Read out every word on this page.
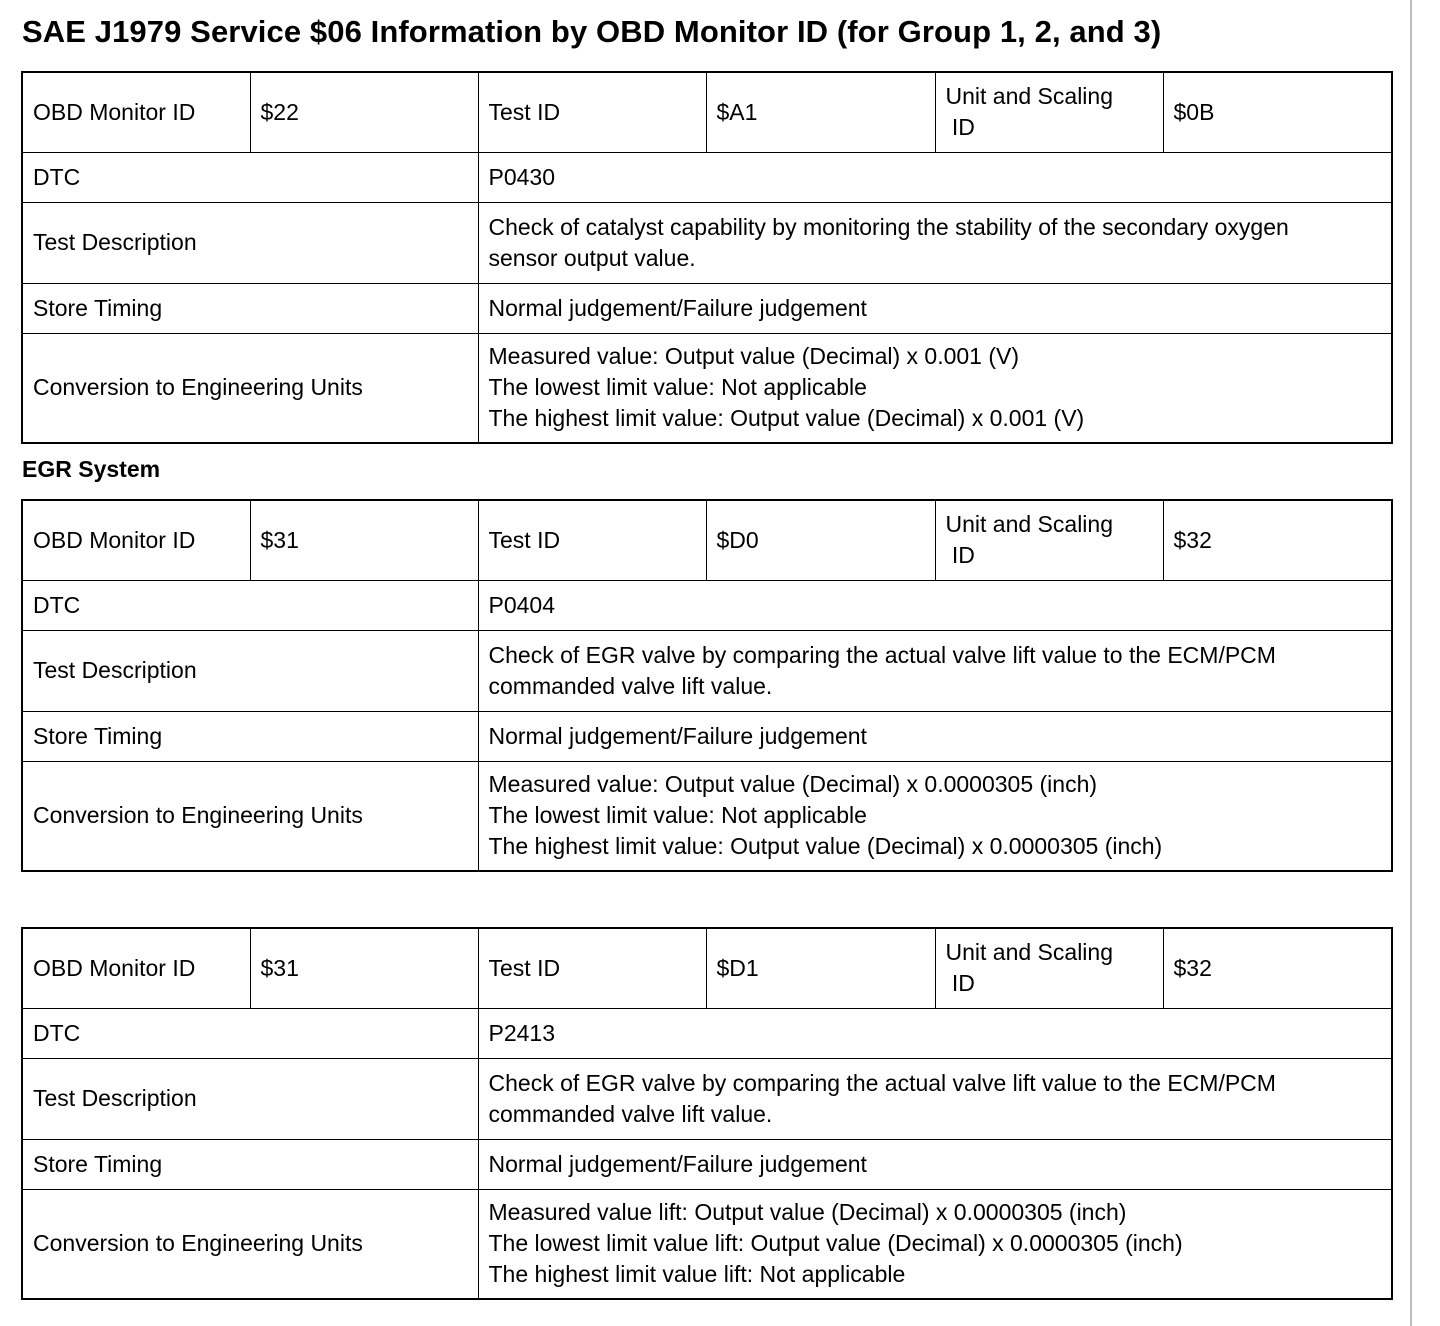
SAE J1979 Service $06 Information by OBD Monitor ID (for Group 1, 2, and 3)
EGR System
OBD Monitor ID	$22	Test ID	$A1	Unit and Scaling
ID	$0B
DTC		P0430			
Test Description		Check of catalyst capability by monitoring the stability of the secondary oxygen
sensor output value.			

Store Timing		Normal judgement/Failure judgement			
Conversion to Engineering Units		Measured value: Output value (Decimal) x 0.001 (V)
The lowest limit value: Not applicable
The highest limit value: Output value (Decimal) x 0.001 (V)			
OBD Monitor ID	$31	Test ID	$D0	Unit and Scaling
ID	$32
DTC		P0404			
Test Description		Check of EGR valve by comparing the actual valve lift value to the ECM/PCM
commanded valve lift value.			

Store Timing		Normal judgement/Failure judgement			
Conversion to Engineering Units		Measured value: Output value (Decimal) x 0.0000305 (inch)
The lowest limit value: Not applicable
The highest limit value: Output value (Decimal) x 0.0000305 (inch)			
OBD Monitor ID	$31	Test ID	$D1	Unit and Scaling
ID	$32
DTC		P2413			
Test Description		Check of EGR valve by comparing the actual valve lift value to the ECM/PCM
commanded valve lift value.			

Store Timing		Normal judgement/Failure judgement			
Conversion to Engineering Units		Measured value lift: Output value (Decimal) x 0.0000305 (inch)
The lowest limit value lift: Output value (Decimal) x 0.0000305 (inch)
The highest limit value lift: Not applicable			
